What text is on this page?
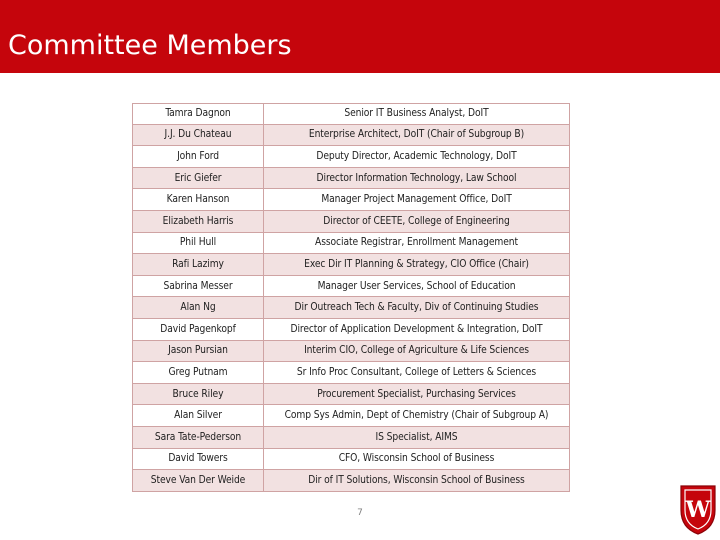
Committee Members
Tamra Dagnon	Senior IT Business Analyst, DoIT
J.J. Du Chateau	Enterprise Architect, DoIT (Chair of Subgroup B)
John Ford	Deputy Director, Academic Technology, DoIT
Eric Giefer	Director Information Technology, Law School
Karen Hanson	Manager Project Management Office, DoIT
Elizabeth Harris	Director of CEETE, College of Engineering
Phil Hull	Associate Registrar, Enrollment Management
Rafi Lazimy	Exec Dir IT Planning & Strategy, CIO Office (Chair)
Sabrina Messer	Manager User Services, School of Education
Alan Ng	Dir Outreach Tech & Faculty, Div of Continuing Studies
David Pagenkopf	Director of Application Development & Integration, DoIT
Jason Pursian	Interim CIO, College of Agriculture & Life Sciences
Greg Putnam	Sr Info Proc Consultant, College of Letters & Sciences
Bruce Riley	Procurement Specialist, Purchasing Services
Alan Silver	Comp Sys Admin, Dept of Chemistry (Chair of Subgroup A)
Sara Tate-Pederson	IS Specialist, AIMS
David Towers	CFO, Wisconsin School of Business
Steve Van Der Weide	Dir of IT Solutions, Wisconsin School of Business
7	W
